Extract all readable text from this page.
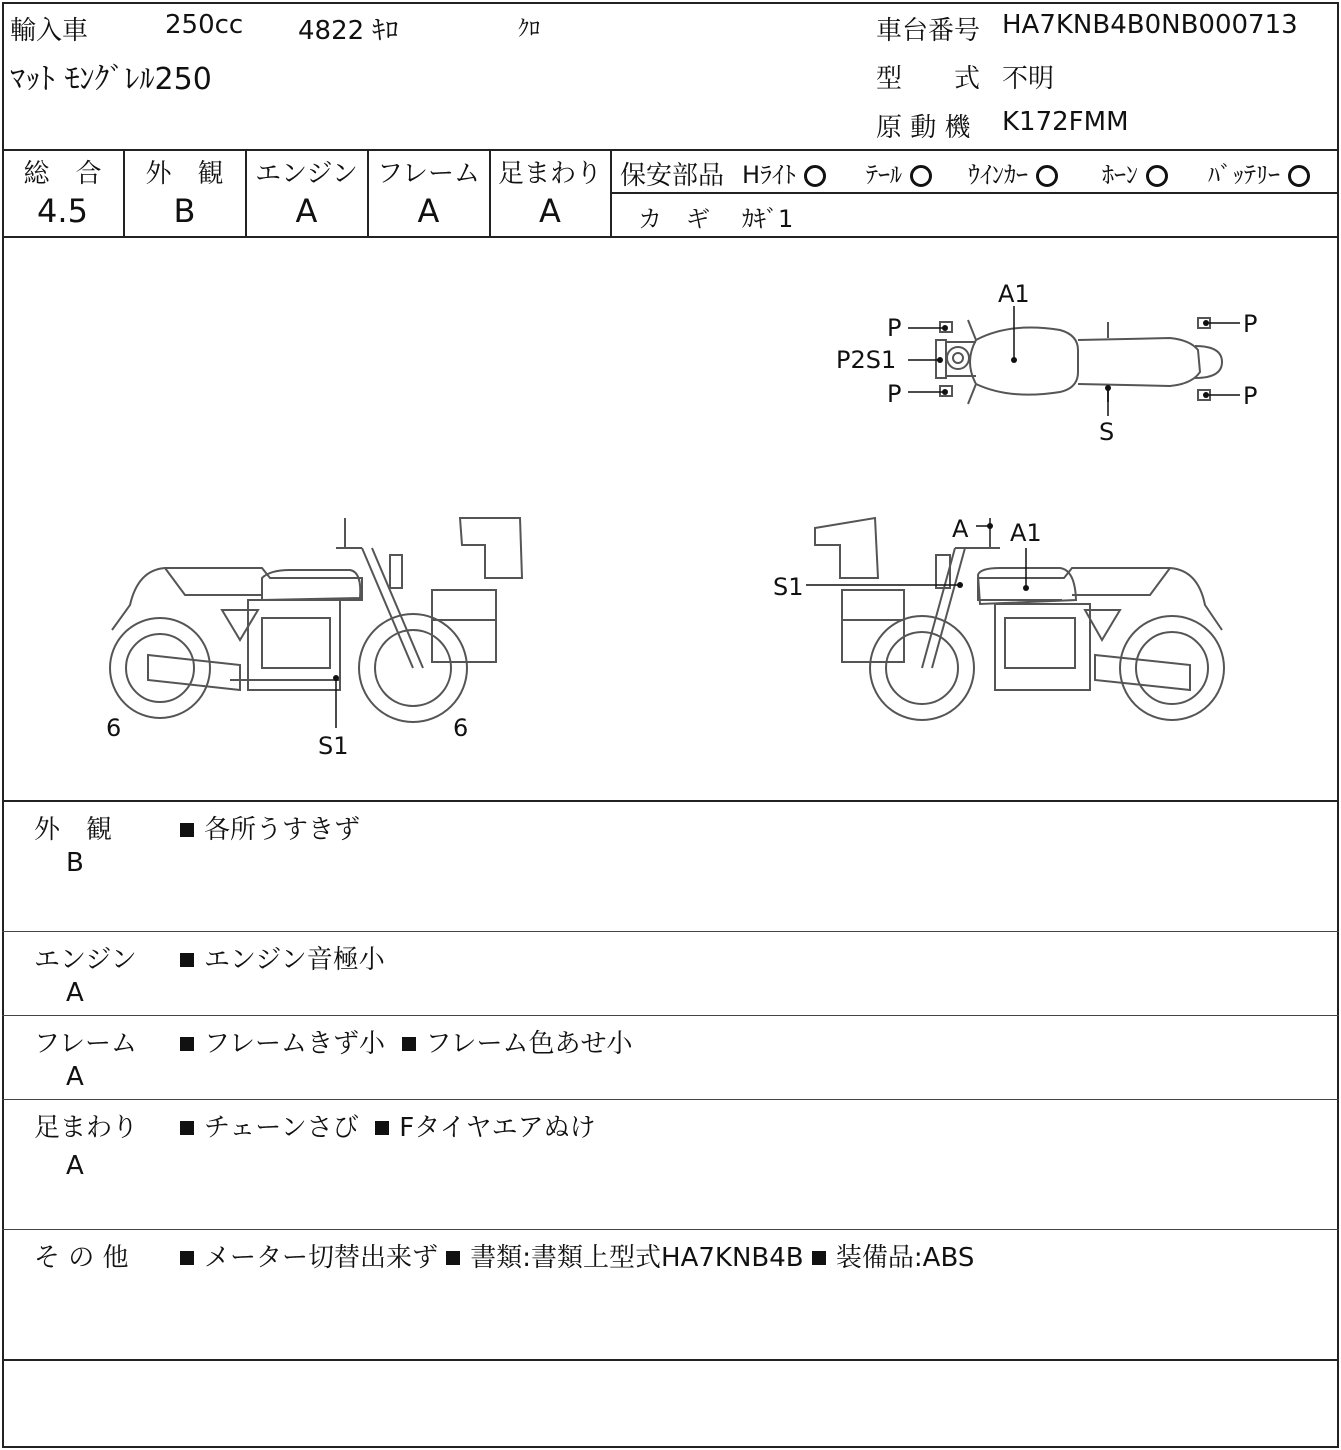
輸入車	250cc 4822 ｷﾛ	ｸﾛ
ﾏｯﾄ ﾓﾝｸﾞﾚﾙ250
車台番号 HA7KNB4B0NB000713
型　　式 不明
原 動 機 K172FMM
総　合
4.5
外　観
B
エンジン
A
フレーム
A
足まわり
A
保安部品 Hﾗｲﾄ	ﾃｰﾙ	ｳｲﾝｶｰ	ﾎｰﾝ	ﾊﾞｯﾃﾘｰ
カ　ギ ｶｷﾞ1
A1
P
P2S1
P
P
P
S
6
S1
6
A A1
S1
外　観
B
各所うすきず
エンジン
A
エンジン音極小
フレーム
A
フレームきず小 フレーム色あせ小
足まわり
A
チェーンさび Fタイヤエアぬけ
そ の 他	メーター切替出来ず 書類:書類上型式HA7KNB4B 装備品:ABS
